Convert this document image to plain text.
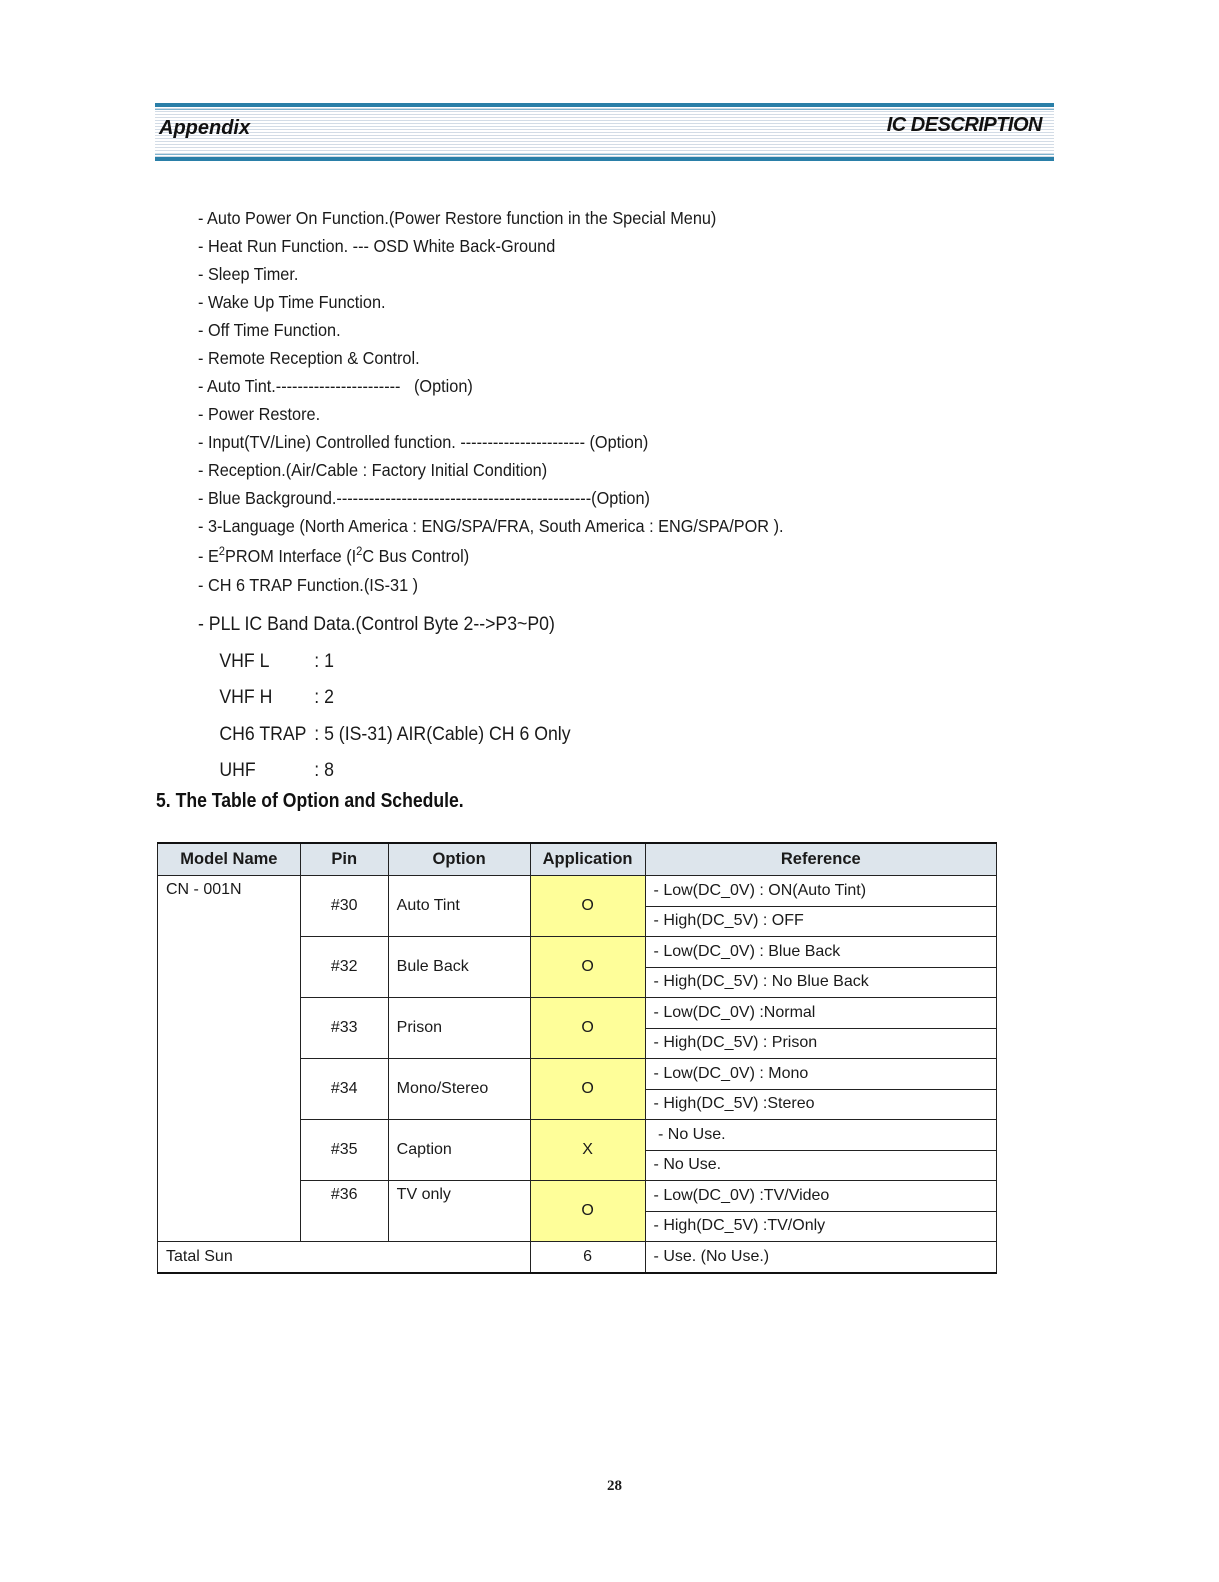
Appendix	IC DESCRIPTION
- Auto Power On Function.(Power Restore function in the Special Menu)
- Heat Run Function. --- OSD White Back-Ground
- Sleep Timer.
- Wake Up Time Function.
- Off Time Function.
- Remote Reception & Control.
- Auto Tint.-----------------------   (Option)
- Power Restore.
- Input(TV/Line) Controlled function. ----------------------- (Option)
- Reception.(Air/Cable : Factory Initial Condition)
- Blue Background.-----------------------------------------------(Option)
- 3-Language (North America : ENG/SPA/FRA, South America : ENG/SPA/POR ).
- $E^2PROM$ Interface ($I^2C$ Bus Control)
- CH 6 TRAP Function.(IS-31 )
- PLL IC Band Data.(Control Byte 2-->P3~P0)
VHF L : 1
VHF H : 2
CH6 TRAP : 5 (IS-31) AIR(Cable) CH 6 Only
UHF	: 8
5. The Table of Option and Schedule.
Model Name	Pin	Option	Application	Reference
CN - 001N	#30	Auto Tint	O	- Low(DC_0V) : ON(Auto Tint)
				- High(DC_5V) : OFF
	#32	Bule Back	O	- Low(DC_0V) : Blue Back
				- High(DC_5V) : No Blue Back
	#33	Prison	O	- Low(DC_0V) :Normal
				- High(DC_5V) : Prison
	#34	Mono/Stereo	O	- Low(DC_0V) : Mono
				- High(DC_5V) :Stereo
	#35	Caption	X	- No Use.
				- No Use.
	#36	TV only	O	- Low(DC_0V) :TV/Video
				- High(DC_5V) :TV/Only
Tatal Sun			6	- Use. (No Use.)
28
